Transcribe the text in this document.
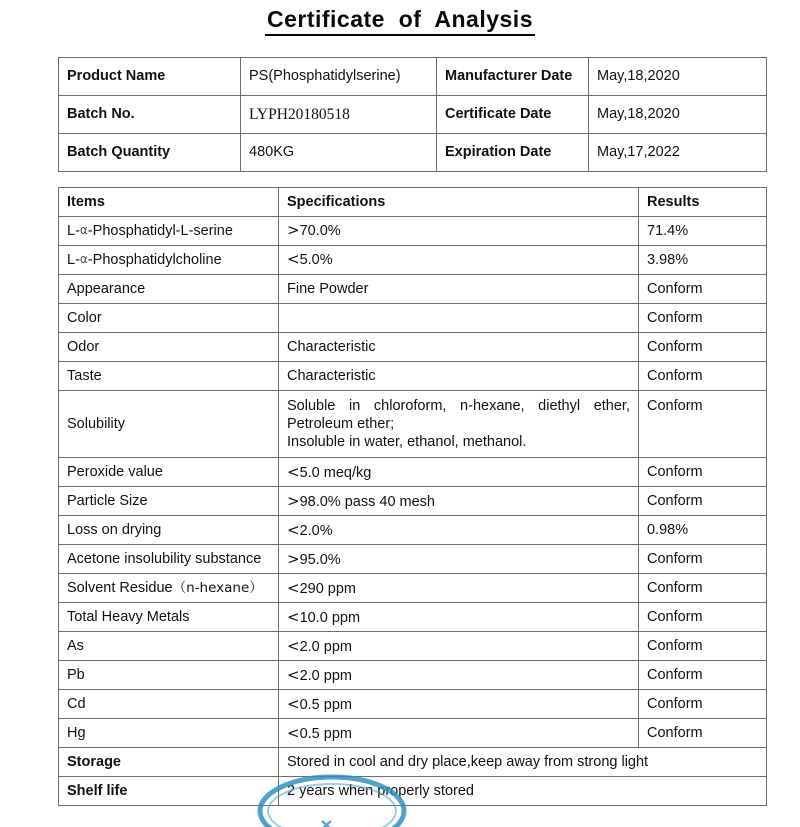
Certificate  of  Analysis
Product Name	PS(Phosphatidylserine)	Manufacturer Date	May,18,2020
Batch No.	LYPH20180518	Certificate Date	May,18,2020
Batch Quantity	480KG	Expiration Date	May,17,2022
Items	Specifications	Results
L-α-Phosphatidyl-L-serine	>70.0%	71.4%
L-α-Phosphatidylcholine	<5.0%	3.98%
Appearance	Fine Powder	Conform
Color		Conform
Odor	Characteristic	Conform
Taste	Characteristic	Conform
Solubility	Soluble in chloroform, n-hexane, diethyl ether,
Petroleum ether;
Insoluble in water, ethanol, methanol.	Conform
Peroxide value	<5.0 meq/kg	Conform
Particle Size	>98.0% pass 40 mesh	Conform
Loss on drying	<2.0%	0.98%
Acetone insolubility substance	>95.0%	Conform
Solvent Residue（n-hexane）	<290 ppm	Conform
Total Heavy Metals	<10.0 ppm	Conform
As	<2.0 ppm	Conform
Pb	<2.0 ppm	Conform
Cd	<0.5 ppm	Conform
Hg	<0.5 ppm	Conform
Storage	Stored in cool and dry place,keep away from strong light	
Shelf life	2 years when properly stored	
